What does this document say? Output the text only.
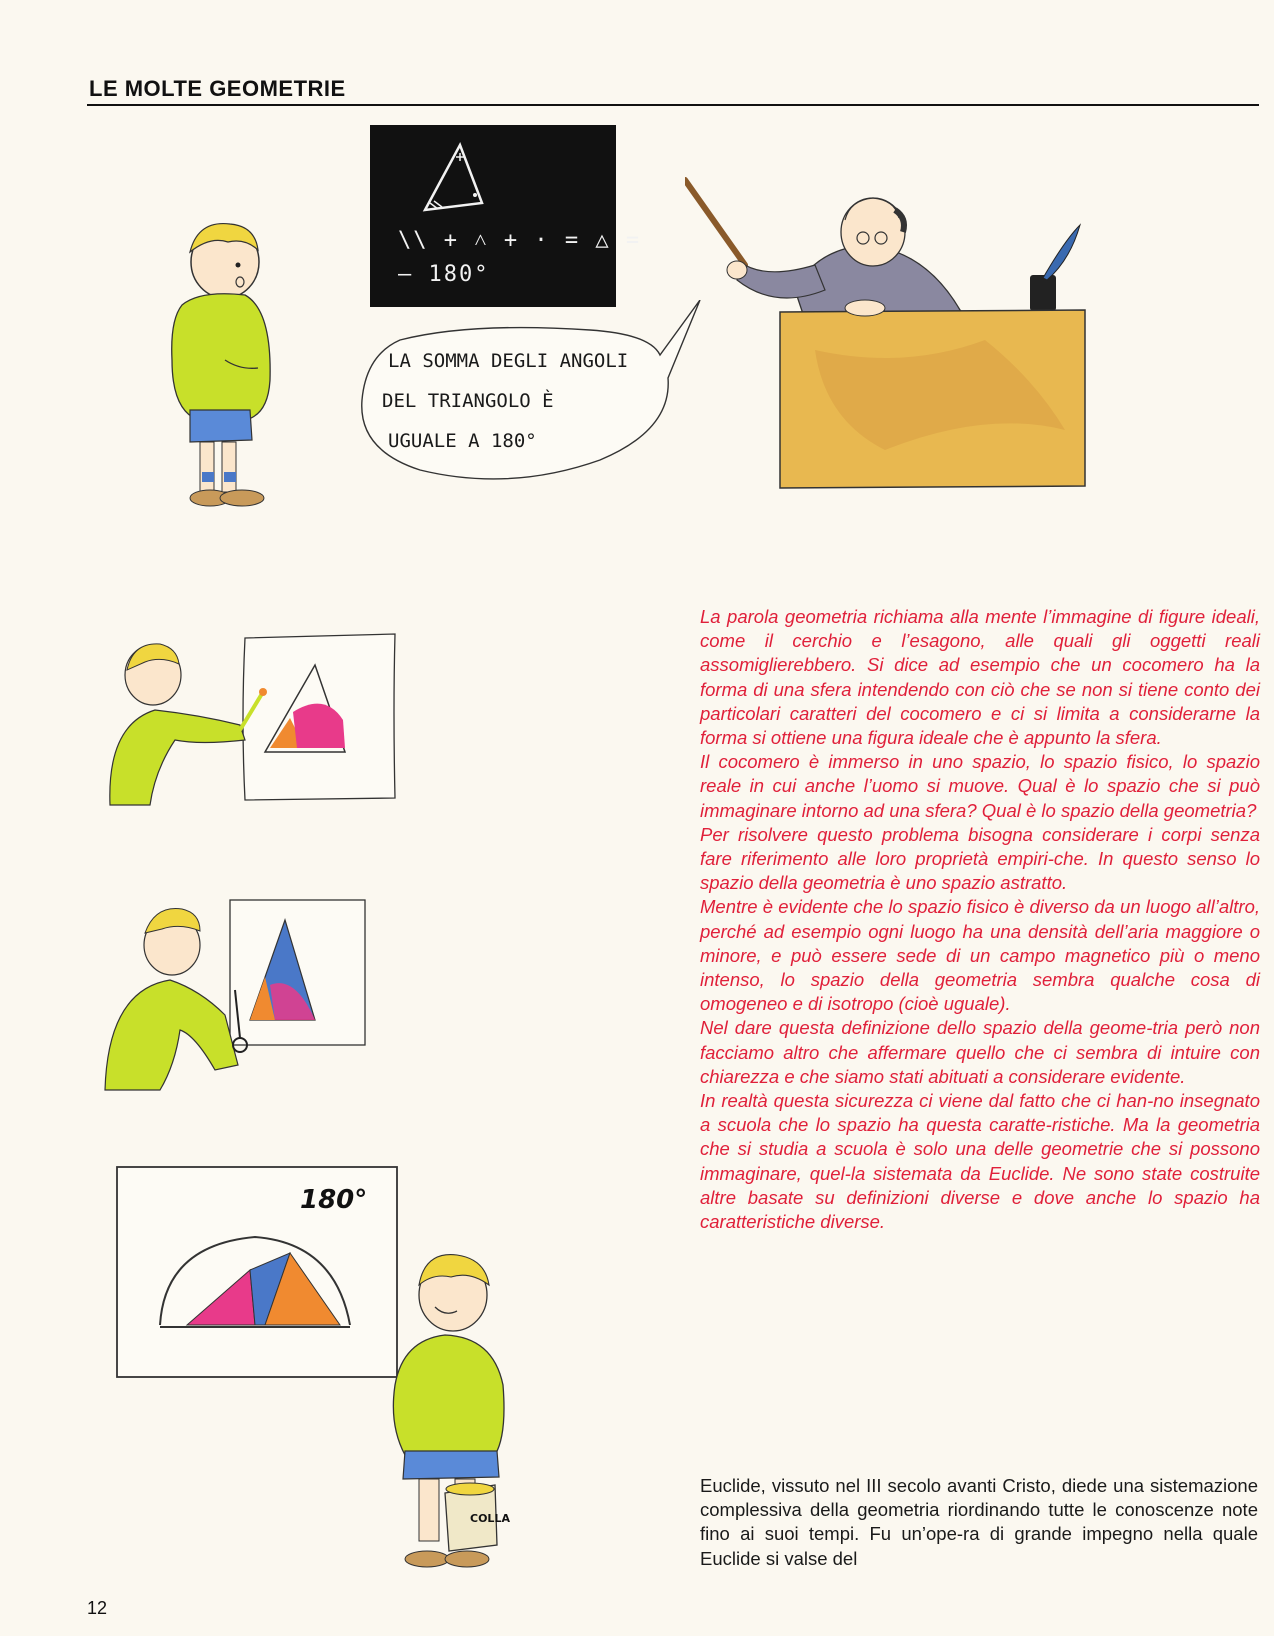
LE MOLTE GEOMETRIE
\\ + ˄ + · = △ =
— 180°
LA SOMMA DEGLI ANGOLI
DEL TRIANGOLO È
UGUALE A 180°
180°
COLLA

La parola geometria richiama alla mente l’immagine di figure ideali, come il cerchio e l’esagono, alle quali gli oggetti reali assomiglierebbero. Si dice ad esempio che un cocomero ha la forma di una sfera intendendo con ciò che se non si tiene conto dei particolari caratteri del cocomero e ci si limita a considerarne la forma si ottiene una figura ideale che è appunto la sfera.

Il cocomero è immerso in uno spazio, lo spazio fisico, lo spazio reale in cui anche l’uomo si muove. Qual è lo spazio che si può immaginare intorno ad una sfera? Qual è lo spazio della geometria?

Per risolvere questo problema bisogna considerare i corpi senza fare riferimento alle loro proprietà empiri-che. In questo senso lo spazio della geometria è uno spazio astratto.

Mentre è evidente che lo spazio fisico è diverso da un luogo all’altro, perché ad esempio ogni luogo ha una densità dell’aria maggiore o minore, e può essere sede di un campo magnetico più o meno intenso, lo spazio della geometria sembra qualche cosa di omogeneo e di isotropo (cioè uguale).

Nel dare questa definizione dello spazio della geome-tria però non facciamo altro che affermare quello che ci sembra di intuire con chiarezza e che siamo stati abituati a considerare evidente.

In realtà questa sicurezza ci viene dal fatto che ci han-no insegnato a scuola che lo spazio ha questa caratte-ristiche. Ma la geometria che si studia a scuola è solo una delle geometrie che si possono immaginare, quel-la sistemata da Euclide. Ne sono state costruite altre basate su definizioni diverse e dove anche lo spazio ha caratteristiche diverse.

Euclide, vissuto nel III secolo avanti Cristo, diede una sistemazione complessiva della geometria riordinando tutte le conoscenze note fino ai suoi tempi. Fu un’ope-ra di grande impegno nella quale Euclide si valse del
12
